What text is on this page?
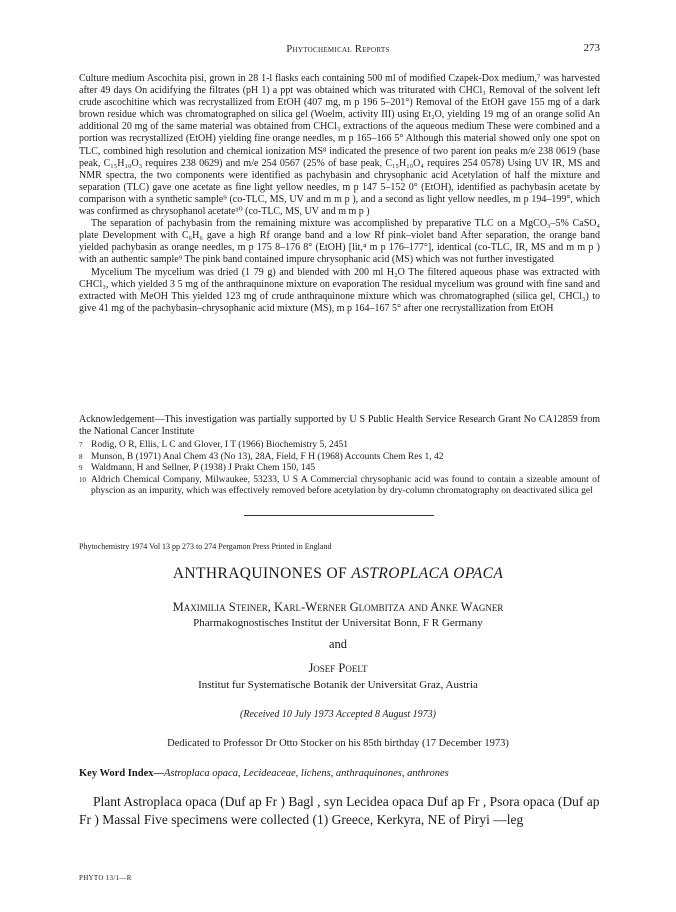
Phytochemical Reports	273

Culture medium Ascochita pisi, grown in 28 1-l flasks each containing 500 ml of modified Czapek-Dox medium,⁷ was harvested after 49 days On acidifying the filtrates (pH 1) a ppt was obtained which was triturated with CHCl₃ Removal of the solvent left crude ascochitine which was recrystallized from EtOH (407 mg, m p 196 5–201°) Removal of the EtOH gave 155 mg of a dark brown residue which was chromatographed on silica gel (Woelm, activity III) using Et₂O, yielding 19 mg of an orange solid An additional 20 mg of the same material was obtained from CHCl₃ extractions of the aqueous medium These were combined and a portion was recrystallized (EtOH) yielding fine orange needles, m p 165–166 5° Although this material showed only one spot on TLC, combined high resolution and chemical ionization MS⁸ indicated the presence of two parent ion peaks m/e 238 0619 (base peak, C₁₅H₁₀O₃ requires 238 0629) and m/e 254 0567 (25% of base peak, C₁₅H₁₀O₄ requires 254 0578) Using UV IR, MS and NMR spectra, the two components were identified as pachybasin and chrysophanic acid Acetylation of half the mixture and separation (TLC) gave one acetate as fine light yellow needles, m p 147 5–152 0° (EtOH), identified as pachybasin acetate by comparison with a synthetic sample⁹ (co-TLC, MS, UV and m m p ), and a second as light yellow needles, m p 194–199°, which was confirmed as chrysophanol acetate¹⁰ (co-TLC, MS, UV and m m p )

The separation of pachybasin from the remaining mixture was accomplished by preparative TLC on a MgCO₃–5% CaSO₄ plate Development with C₆H₆ gave a high Rf orange band and a low Rf pink–violet band After separation, the orange band yielded pachybasin as orange needles, m p 175 8–176 8° (EtOH) [lit,⁴ m p 176–177°], identical (co-TLC, IR, MS and m m p ) with an authentic sample⁹ The pink band contained impure chrysophanic acid (MS) which was not further investigated

Mycelium The mycelium was dried (1 79 g) and blended with 200 ml H₂O The filtered aqueous phase was extracted with CHCl₃, which yielded 3 5 mg of the anthraquinone mixture on evaporation The residual mycelium was ground with fine sand and extracted with MeOH This yielded 123 mg of crude anthraquinone mixture which was chromatographed (silica gel, CHCl₃) to give 41 mg of the pachybasin–chrysophanic acid mixture (MS), m p 164–167 5° after one recrystallization from EtOH

Acknowledgement—This investigation was partially supported by U S Public Health Service Research Grant No CA12859 from the National Cancer Institute

7 Rodig, O R, Ellis, L C and Glover, I T (1966) Biochemistry 5, 2451
8 Munson, B (1971) Anal Chem 43 (No 13), 28A, Field, F H (1968) Accounts Chem Res 1, 42
9 Waldmann, H and Sellner, P (1938) J Prakt Chem 150, 145
10 Aldrich Chemical Company, Milwaukee, 53233, U S A Commercial chrysophanic acid was found to contain a sizeable amount of physcion as an impurity, which was effectively removed before acetylation by dry-column chromatography on deactivated silica gel
Phytochemistry 1974 Vol 13 pp 273 to 274 Pergamon Press Printed in England
ANTHRAQUINONES OF ASTROPLACA OPACA
Maximilia Steiner, Karl-Werner Glombitza and Anke Wagner
Pharmakognostisches Institut der Universitat Bonn, F R Germany
and
Josef Poelt
Institut fur Systematische Botanik der Universitat Graz, Austria
(Received 10 July 1973 Accepted 8 August 1973)
Dedicated to Professor Dr Otto Stocker on his 85th birthday (17 December 1973)
Key Word Index—Astroplaca opaca, Lecideaceae, lichens, anthraquinones, anthrones

Plant Astroplaca opaca (Duf ap Fr ) Bagl , syn Lecidea opaca Duf ap Fr , Psora opaca (Duf ap Fr ) Massal Five specimens were collected (1) Greece, Kerkyra, NE of Piryi —leg

PHYTO 13/1—R
